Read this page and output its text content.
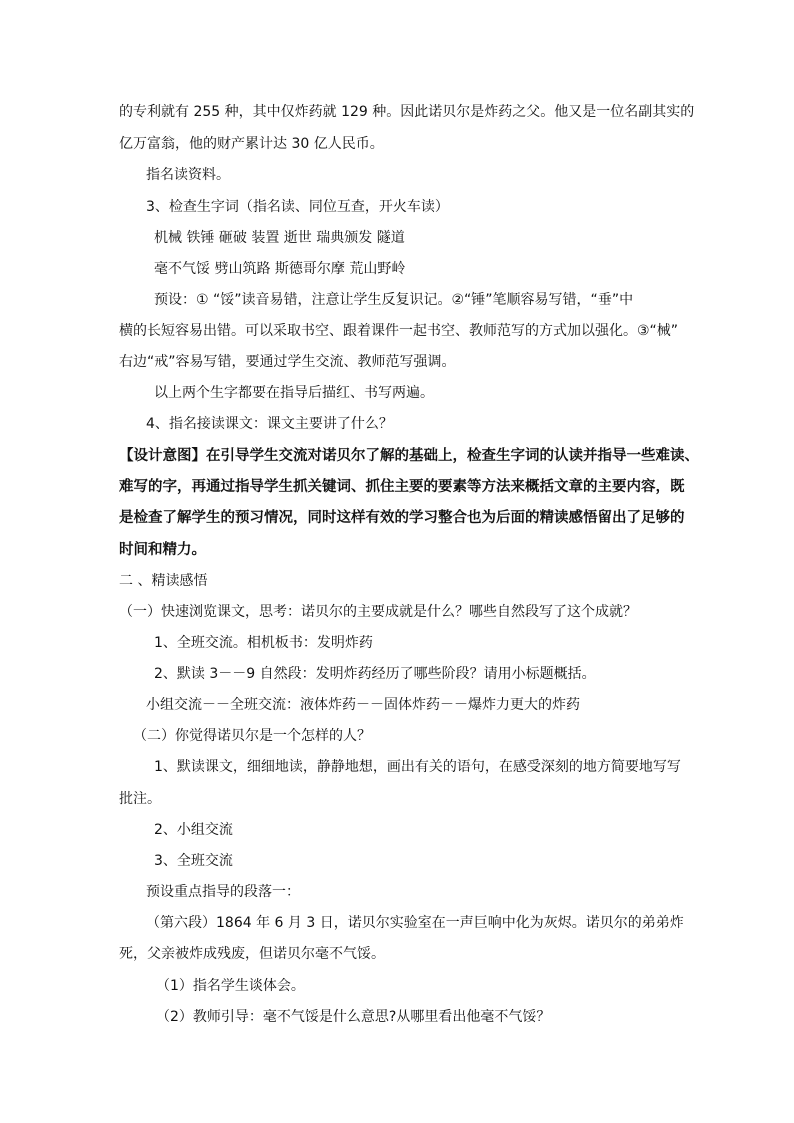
的专利就有 255 种，其中仅炸药就 129 种。因此诺贝尔是炸药之父。他又是一位名副其实的
亿万富翁，他的财产累计达 30 亿人民币。
指名读资料。
3、检查生字词（指名读、同位互查，开火车读）
机械 铁锤 砸破 装置 逝世 瑞典颁发 隧道
毫不气馁 劈山筑路 斯德哥尔摩 荒山野岭
预设：① “馁”读音易错，注意让学生反复识记。②“锤”笔顺容易写错，“垂”中
横的长短容易出错。可以采取书空、跟着课件一起书空、教师范写的方式加以强化。③“械”
右边“戒”容易写错，要通过学生交流、教师范写强调。
以上两个生字都要在指导后描红、书写两遍。
4、指名接读课文：课文主要讲了什么？
【设计意图】在引导学生交流对诺贝尔了解的基础上，检查生字词的认读并指导一些难读、
难写的字，再通过指导学生抓关键词、抓住主要的要素等方法来概括文章的主要内容，既
是检查了解学生的预习情况，同时这样有效的学习整合也为后面的精读感悟留出了足够的
时间和精力。
二 、精读感悟
（一）快速浏览课文，思考：诺贝尔的主要成就是什么？哪些自然段写了这个成就？
1、全班交流。相机板书：发明炸药
2、默读 3－－9 自然段：发明炸药经历了哪些阶段？请用小标题概括。
小组交流－－全班交流：液体炸药－－固体炸药－－爆炸力更大的炸药
（二）你觉得诺贝尔是一个怎样的人？
1、默读课文，细细地读，静静地想，画出有关的语句，在感受深刻的地方简要地写写
批注。
2、小组交流
3、全班交流
预设重点指导的段落一：
（第六段）1864 年 6 月 3 日，诺贝尔实验室在一声巨响中化为灰烬。诺贝尔的弟弟炸
死，父亲被炸成残废，但诺贝尔毫不气馁。
（1）指名学生谈体会。
（2）教师引导：毫不气馁是什么意思?从哪里看出他毫不气馁？
